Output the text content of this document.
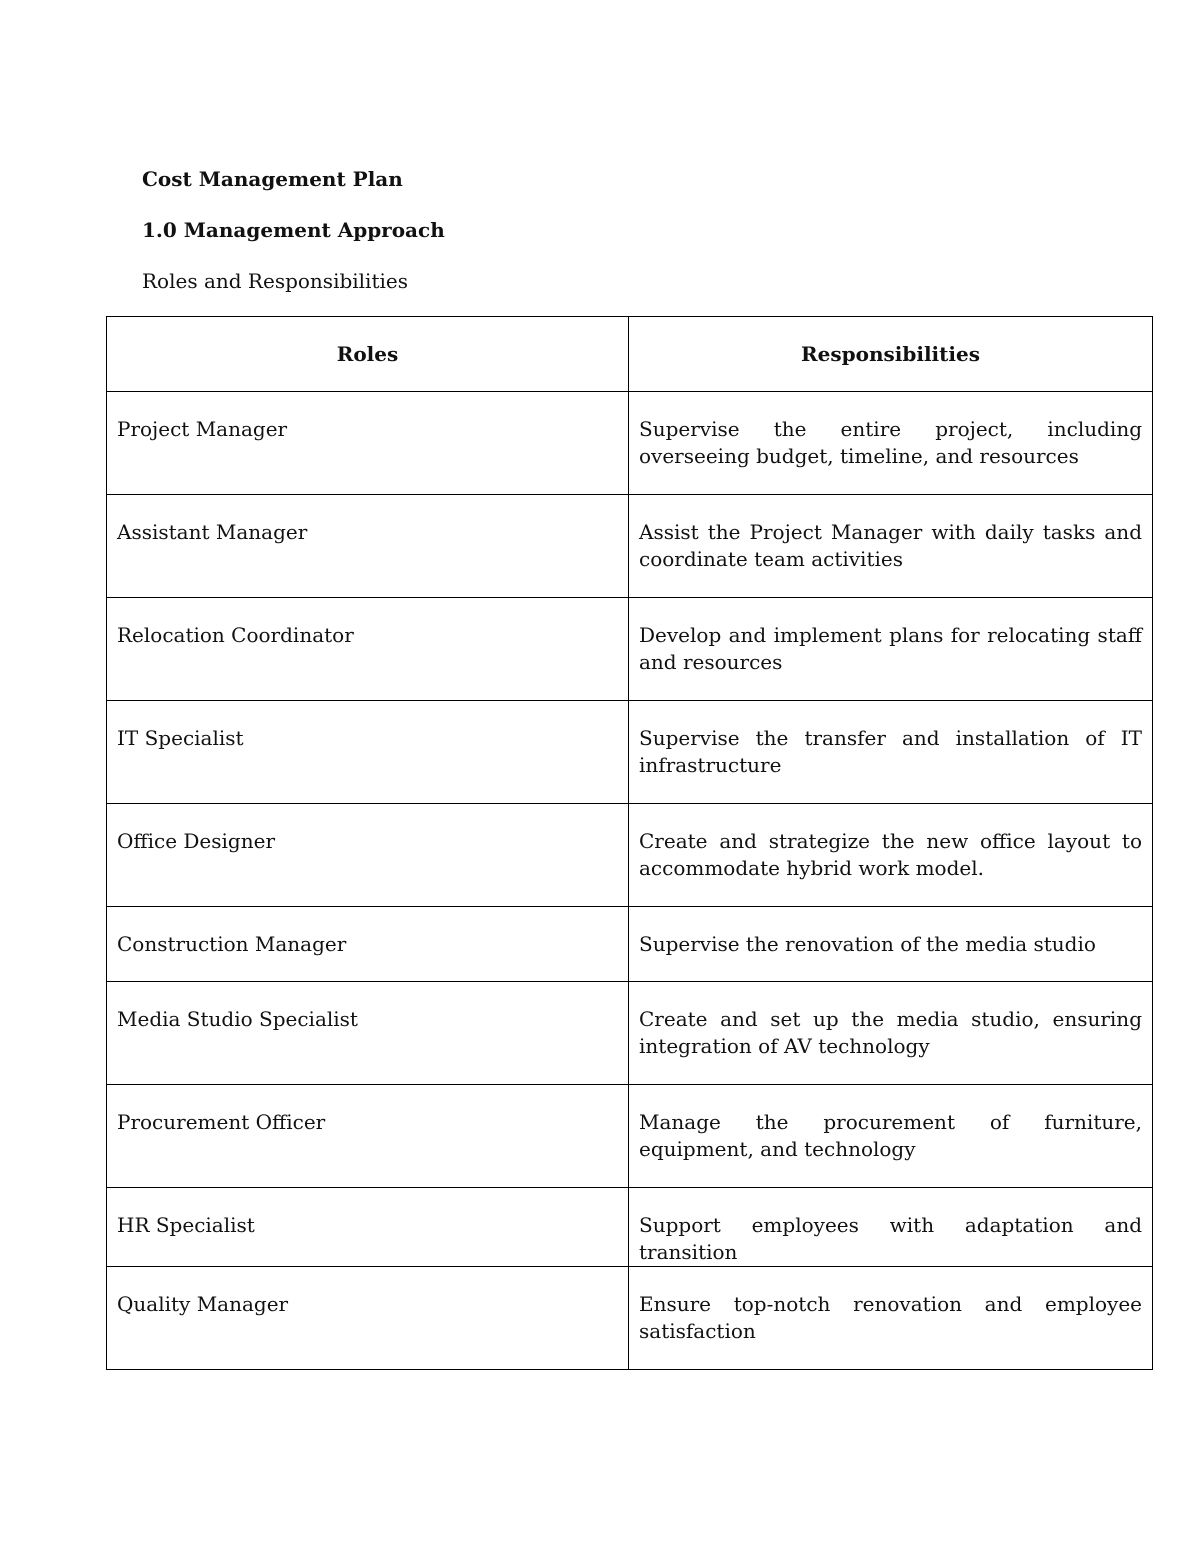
Cost Management Plan
1.0 Management Approach

Roles and Responsibilities

Roles	Responsibilities
Project Manager	Supervise the entire project, including overseeing budget, timeline, and resources
Assistant Manager	Assist the Project Manager with daily tasks and coordinate team activities
Relocation Coordinator	Develop and implement plans for relocating staff and resources
IT Specialist	Supervise the transfer and installation of IT infrastructure
Office Designer	Create and strategize the new office layout to accommodate hybrid work model.
Construction Manager	Supervise the renovation of the media studio
Media Studio Specialist	Create and set up the media studio, ensuring integration of AV technology
Procurement Officer	Manage the procurement of furniture, equipment, and technology
HR Specialist	Support employees with adaptation and transition
Quality Manager	Ensure top-notch renovation and employee satisfaction
